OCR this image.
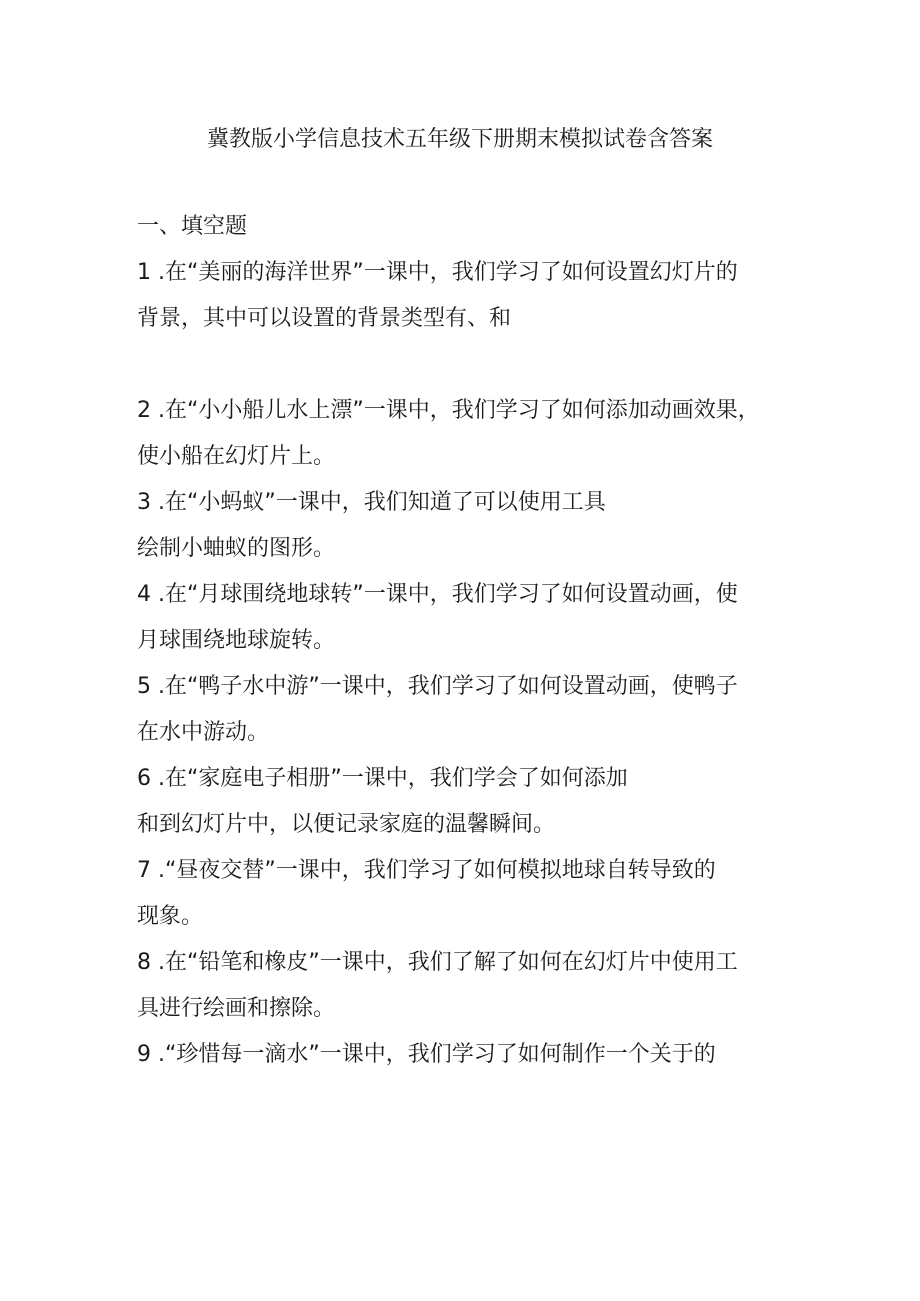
冀教版小学信息技术五年级下册期末模拟试卷含答案
一、填空题
1 .在“美丽的海洋世界”一课中，我们学习了如何设置幻灯片的
背景，其中可以设置的背景类型有、和
2 .在“小小船儿水上漂”一课中，我们学习了如何添加动画效果，
使小船在幻灯片上。
3 .在“小蚂蚁”一课中，我们知道了可以使用工具
绘制小蚰蚁的图形。
4 .在“月球围绕地球转”一课中，我们学习了如何设置动画，使
月球围绕地球旋转。
5 .在“鸭子水中游”一课中，我们学习了如何设置动画，使鸭子
在水中游动。
6 .在“家庭电子相册”一课中，我们学会了如何添加
和到幻灯片中，以便记录家庭的温馨瞬间。
7 .“昼夜交替”一课中，我们学习了如何模拟地球自转导致的
现象。
8 .在“铅笔和橡皮”一课中，我们了解了如何在幻灯片中使用工
具进行绘画和擦除。
9 .“珍惜每一滴水”一课中，我们学习了如何制作一个关于的
